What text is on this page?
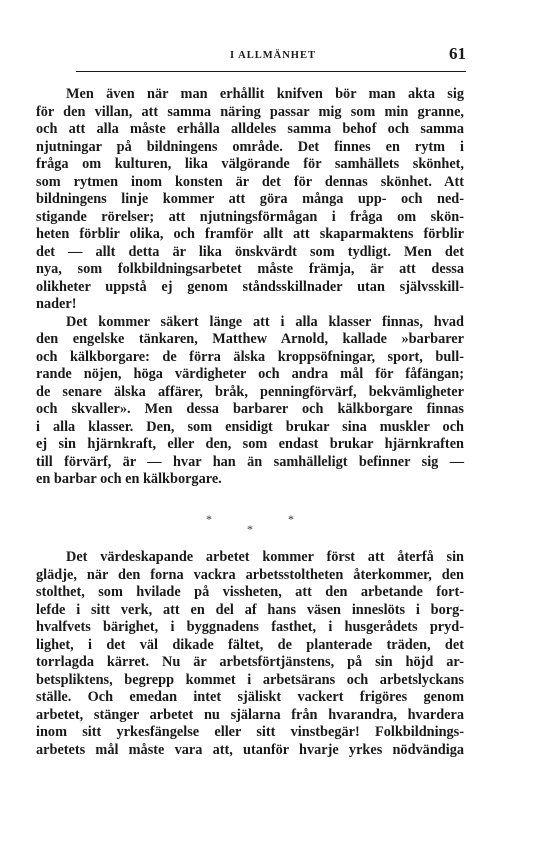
I ALLMÄNHET	61
Men även när man erhållit knifven bör man akta sig
för den villan, att samma näring passar mig som min granne,
och att alla måste erhålla alldeles samma behof och samma
njutningar på bildningens område. Det finnes en rytm i
fråga om kulturen, lika välgörande för samhällets skönhet,
som rytmen inom konsten är det för dennas skönhet. Att
bildningens linje kommer att göra många upp- och ned-
stigande rörelser; att njutningsförmågan i fråga om skön-
heten förblir olika, och framför allt att skaparmaktens förblir
det — allt detta är lika önskvärdt som tydligt. Men det
nya, som folkbildningsarbetet måste främja, är att dessa
olikheter uppstå ej genom ståndsskillnader utan självsskill-
nader!
Det kommer säkert länge att i alla klasser finnas, hvad
den engelske tänkaren, Matthew Arnold, kallade »barbarer
och kälkborgare: de förra älska kroppsöfningar, sport, bull-
rande nöjen, höga värdigheter och andra mål för fåfängan;
de senare älska affärer, bråk, penningförvärf, bekvämligheter
och skvaller». Men dessa barbarer och kälkborgare finnas
i alla klasser. Den, som ensidigt brukar sina muskler och
ej sin hjärnkraft, eller den, som endast brukar hjärnkraften
till förvärf, är — hvar han än samhälleligt befinner sig —
en barbar och en kälkborgare.
*	*
*
Det värdeskapande arbetet kommer först att återfå sin
glädje, när den forna vackra arbetsstoltheten återkommer, den
stolthet, som hvilade på vissheten, att den arbetande fort-
lefde i sitt verk, att en del af hans väsen inneslöts i borg-
hvalfvets bärighet, i byggnadens fasthet, i husgerådets pryd-
lighet, i det väl dikade fältet, de planterade träden, det
torrlagda kärret. Nu är arbetsförtjänstens, på sin höjd ar-
betspliktens, begrepp kommet i arbetsärans och arbetslyckans
ställe. Och emedan intet själiskt vackert frigöres genom
arbetet, stänger arbetet nu själarna från hvarandra, hvardera
inom sitt yrkesfängelse eller sitt vinstbegär! Folkbildnings-
arbetets mål måste vara att, utanför hvarje yrkes nödvändiga
